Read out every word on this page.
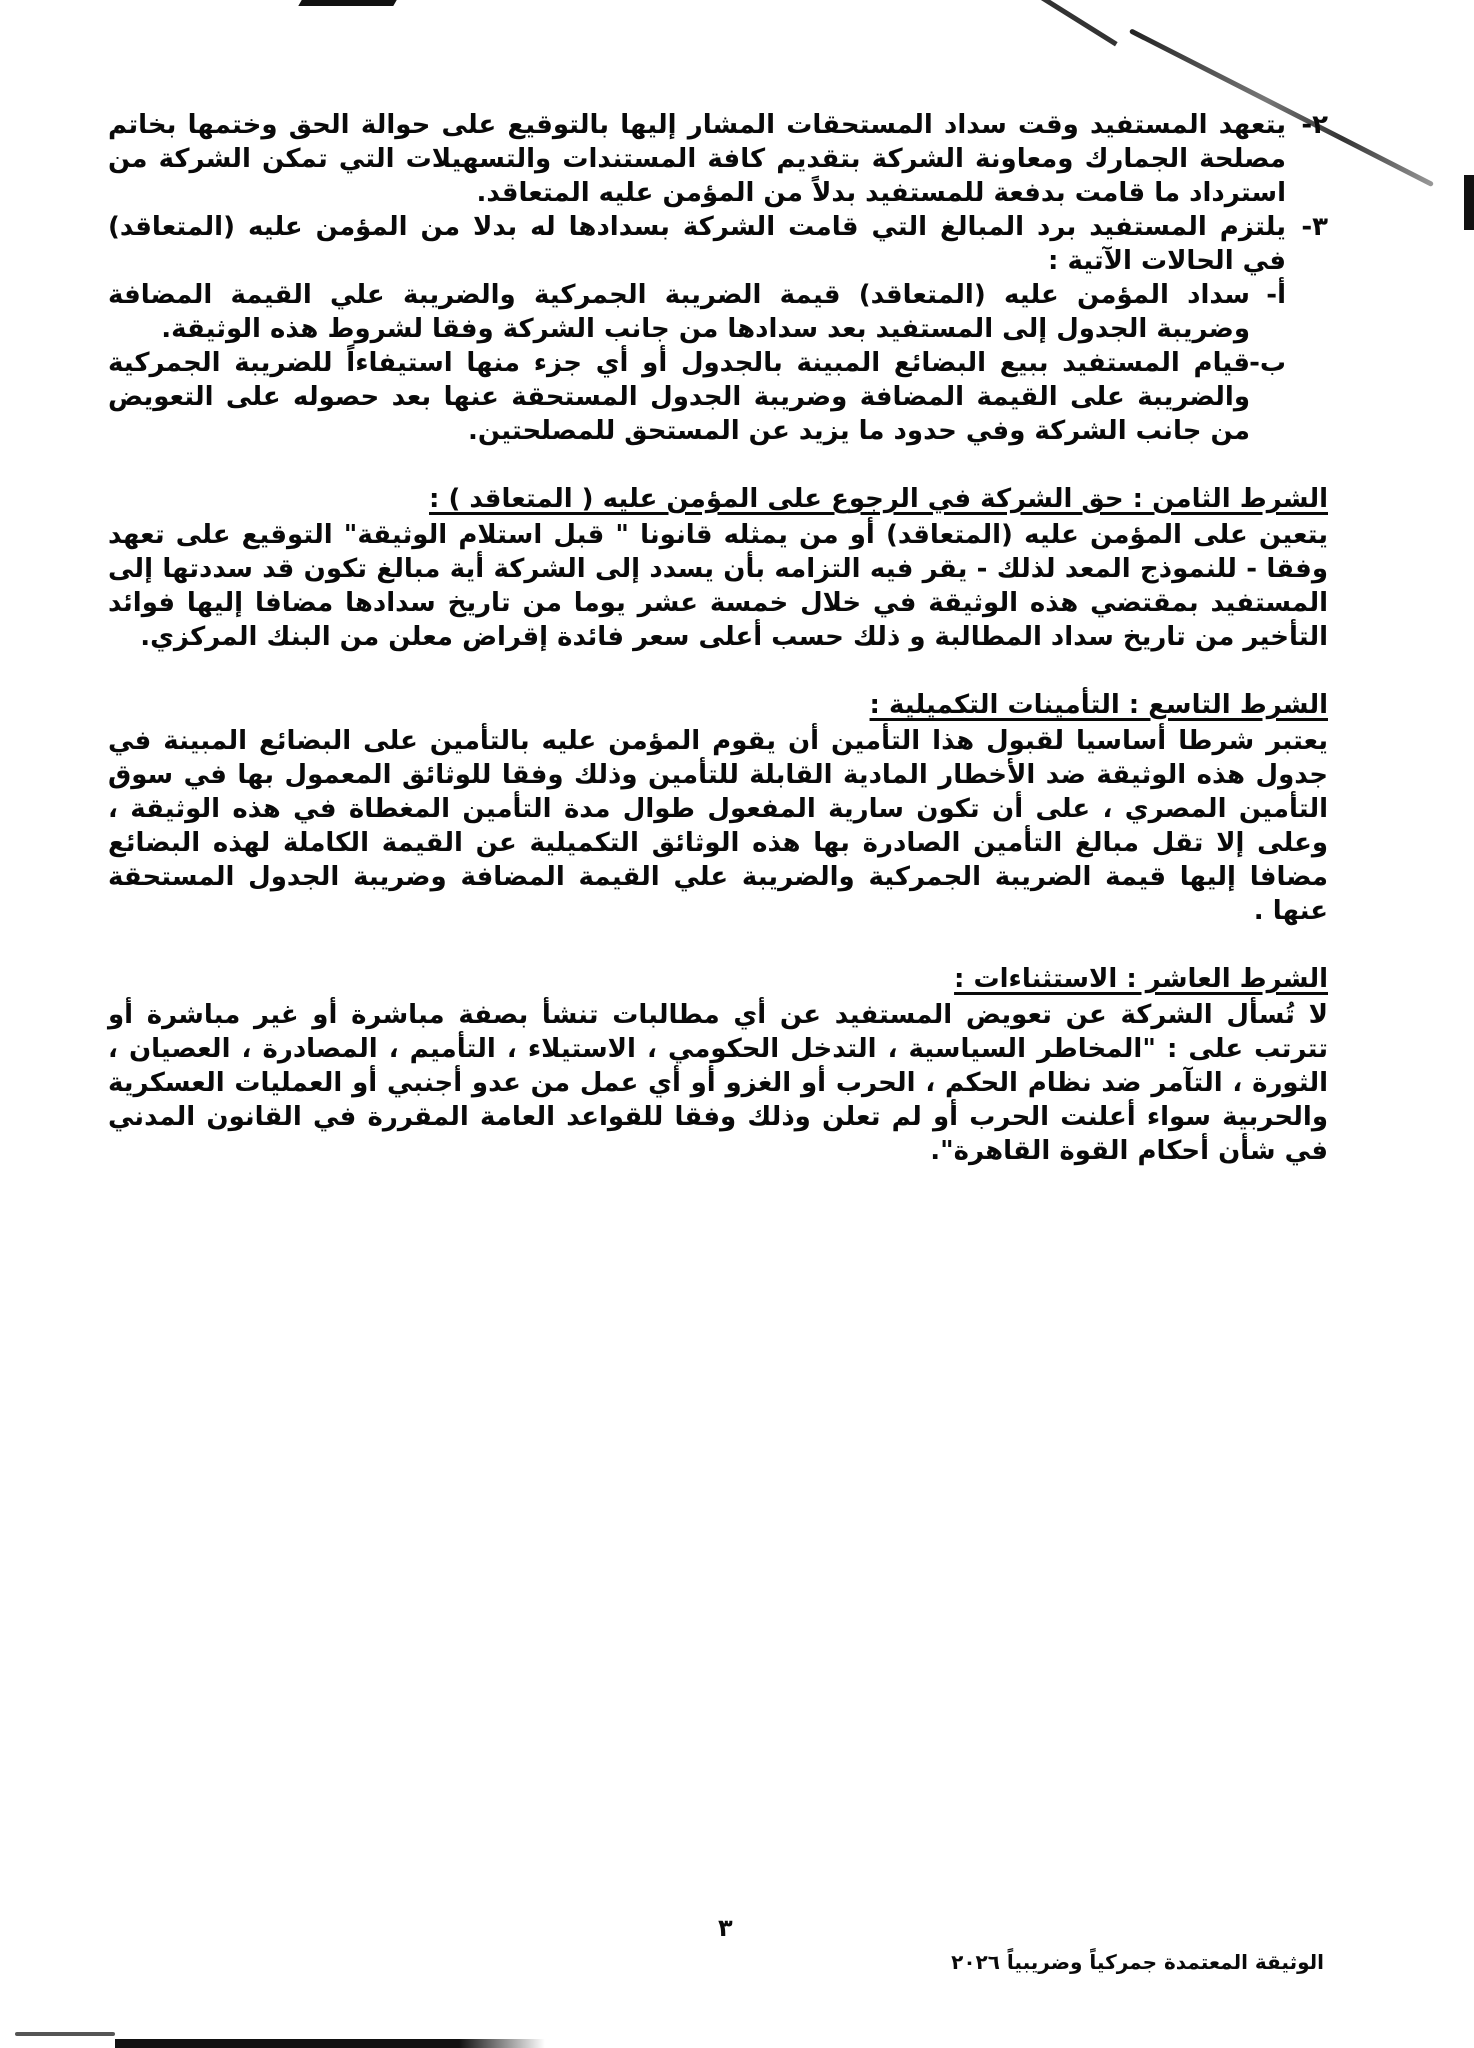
٢-
يتعهد المستفيد وقت سداد المستحقات المشار إليها بالتوقيع على حوالة الحق وختمها بخاتم مصلحة الجمارك ومعاونة الشركة بتقديم كافة المستندات والتسهيلات التي تمكن الشركة من استرداد ما قامت بدفعة للمستفيد بدلاً من المؤمن عليه المتعاقد.
٣-
يلتزم المستفيد برد المبالغ التي قامت الشركة بسدادها له بدلا من المؤمن عليه (المتعاقد) في الحالات الآتية :
أ-
سداد المؤمن عليه (المتعاقد) قيمة الضريبة الجمركية والضريبة علي القيمة المضافة وضريبة الجدول إلى المستفيد بعد سدادها من جانب الشركة وفقا لشروط هذه الوثيقة.
ب-
قيام المستفيد ببيع البضائع المبينة بالجدول أو أي جزء منها استيفاءاً للضريبة الجمركية والضريبة على القيمة المضافة وضريبة الجدول المستحقة عنها بعد حصوله على التعويض من جانب الشركة وفي حدود ما يزيد عن المستحق للمصلحتين.
الشرط الثامن : حق الشركة في الرجوع على المؤمن عليه ( المتعاقد ) :

يتعين على المؤمن عليه (المتعاقد) أو من يمثله قانونا " قبل استلام الوثيقة" التوقيع على تعهد وفقا - للنموذج المعد لذلك - يقر فيه التزامه بأن يسدد إلى الشركة أية مبالغ تكون قد سددتها إلى المستفيد بمقتضي هذه الوثيقة في خلال خمسة عشر يوما من تاريخ سدادها مضافا إليها فوائد التأخير من تاريخ سداد المطالبة و ذلك حسب أعلى سعر فائدة إقراض معلن من البنك المركزي.

الشرط التاسع : التأمينات التكميلية :

يعتبر شرطا أساسيا لقبول هذا التأمين أن يقوم المؤمن عليه بالتأمين على البضائع المبينة في جدول هذه الوثيقة ضد الأخطار المادية القابلة للتأمين وذلك وفقا للوثائق المعمول بها في سوق التأمين المصري ، على أن تكون سارية المفعول طوال مدة التأمين المغطاة في هذه الوثيقة ، وعلى إلا تقل مبالغ التأمين الصادرة بها هذه الوثائق التكميلية عن القيمة الكاملة لهذه البضائع مضافا إليها قيمة الضريبة الجمركية والضريبة علي القيمة المضافة وضريبة الجدول المستحقة عنها .

الشرط العاشر : الاستثناءات :

لا تُسأل الشركة عن تعويض المستفيد عن أي مطالبات تنشأ بصفة مباشرة أو غير مباشرة أو تترتب على : "المخاطر السياسية ، التدخل الحكومي ، الاستيلاء ، التأميم ، المصادرة ، العصيان ، الثورة ، التآمر ضد نظام الحكم ، الحرب أو الغزو أو أي عمل من عدو أجنبي أو العمليات العسكرية والحربية سواء أعلنت الحرب أو لم تعلن وذلك وفقا للقواعد العامة المقررة في القانون المدني في شأن أحكام القوة القاهرة".

٣
الوثيقة المعتمدة جمركياً وضريبياً ٢٠٢٦
